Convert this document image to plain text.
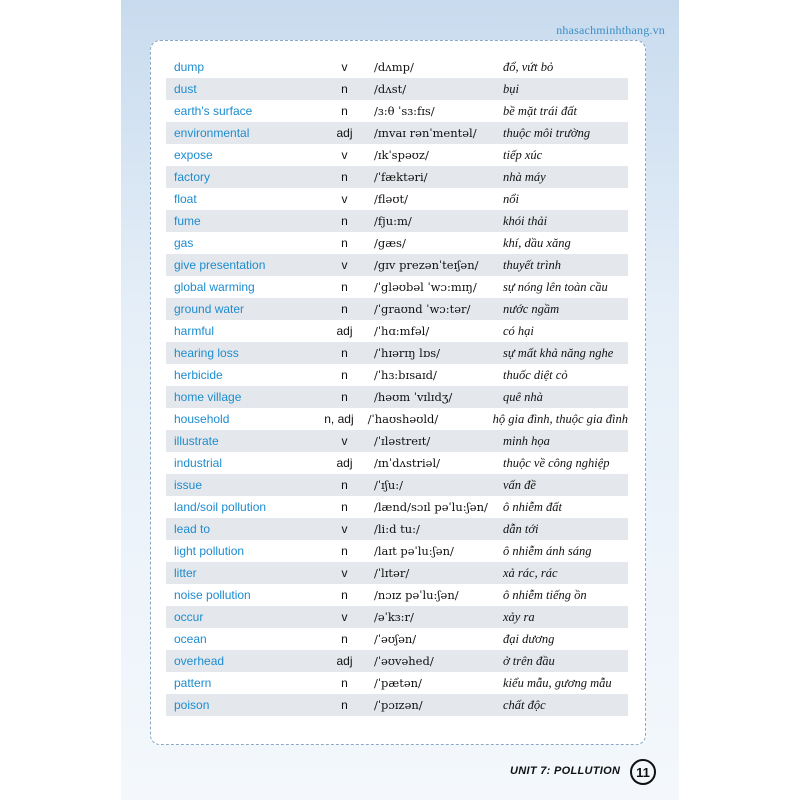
nhasachminhthang.vn
dump	v	/dʌmp/	đổ, vứt bỏ
dust	n	/dʌst/	bụi
earth's surface	n	/ɜ:θ ˈsɜ:fɪs/	bề mặt trái đất
environmental	adj	/ɪnvaɪ rənˈmentəl/	thuộc môi trường
expose	v	/ɪkˈspəʊz/	tiếp xúc
factory	n	/ˈfæktəri/	nhà máy
float	v	/fləʊt/	nổi
fume	n	/fju:m/	khói thải
gas	n	/gæs/	khí, dầu xăng
give presentation	v	/gɪv prezənˈteɪʃən/	thuyết trình
global warming	n	/ˈgləʊbəl ˈwɔ:mɪŋ/	sự nóng lên toàn cầu
ground water	n	/ˈgraʊnd ˈwɔ:tər/	nước ngầm
harmful	adj	/ˈhɑ:mfəl/	có hại
hearing loss	n	/ˈhɪərɪŋ lɒs/	sự mất khả năng nghe
herbicide	n	/ˈhɜ:bɪsaɪd/	thuốc diệt cỏ
home village	n	/həʊm ˈvɪlɪdʒ/	quê nhà
household	n, adj	/ˈhaʊshəʊld/	hộ gia đình, thuộc gia đình
illustrate	v	/ˈɪləstreɪt/	minh họa
industrial	adj	/ɪnˈdʌstriəl/	thuộc về công nghiệp
issue	n	/ˈɪʃu:/	vấn đề
land/soil pollution	n	/lænd/sɔɪl pəˈlu:ʃən/	ô nhiễm đất
lead to	v	/li:d tu:/	dẫn tới
light pollution	n	/laɪt pəˈlu:ʃən/	ô nhiễm ánh sáng
litter	v	/ˈlɪtər/	xả rác, rác
noise pollution	n	/nɔɪz pəˈlu:ʃən/	ô nhiễm tiếng ồn
occur	v	/əˈkɜ:r/	xảy ra
ocean	n	/ˈəʊʃən/	đại dương
overhead	adj	/ˈəʊvəhed/	ở trên đầu
pattern	n	/ˈpætən/	kiểu mẫu, gương mẫu
poison	n	/ˈpɔɪzən/	chất độc
UNIT 7: POLLUTION	11
